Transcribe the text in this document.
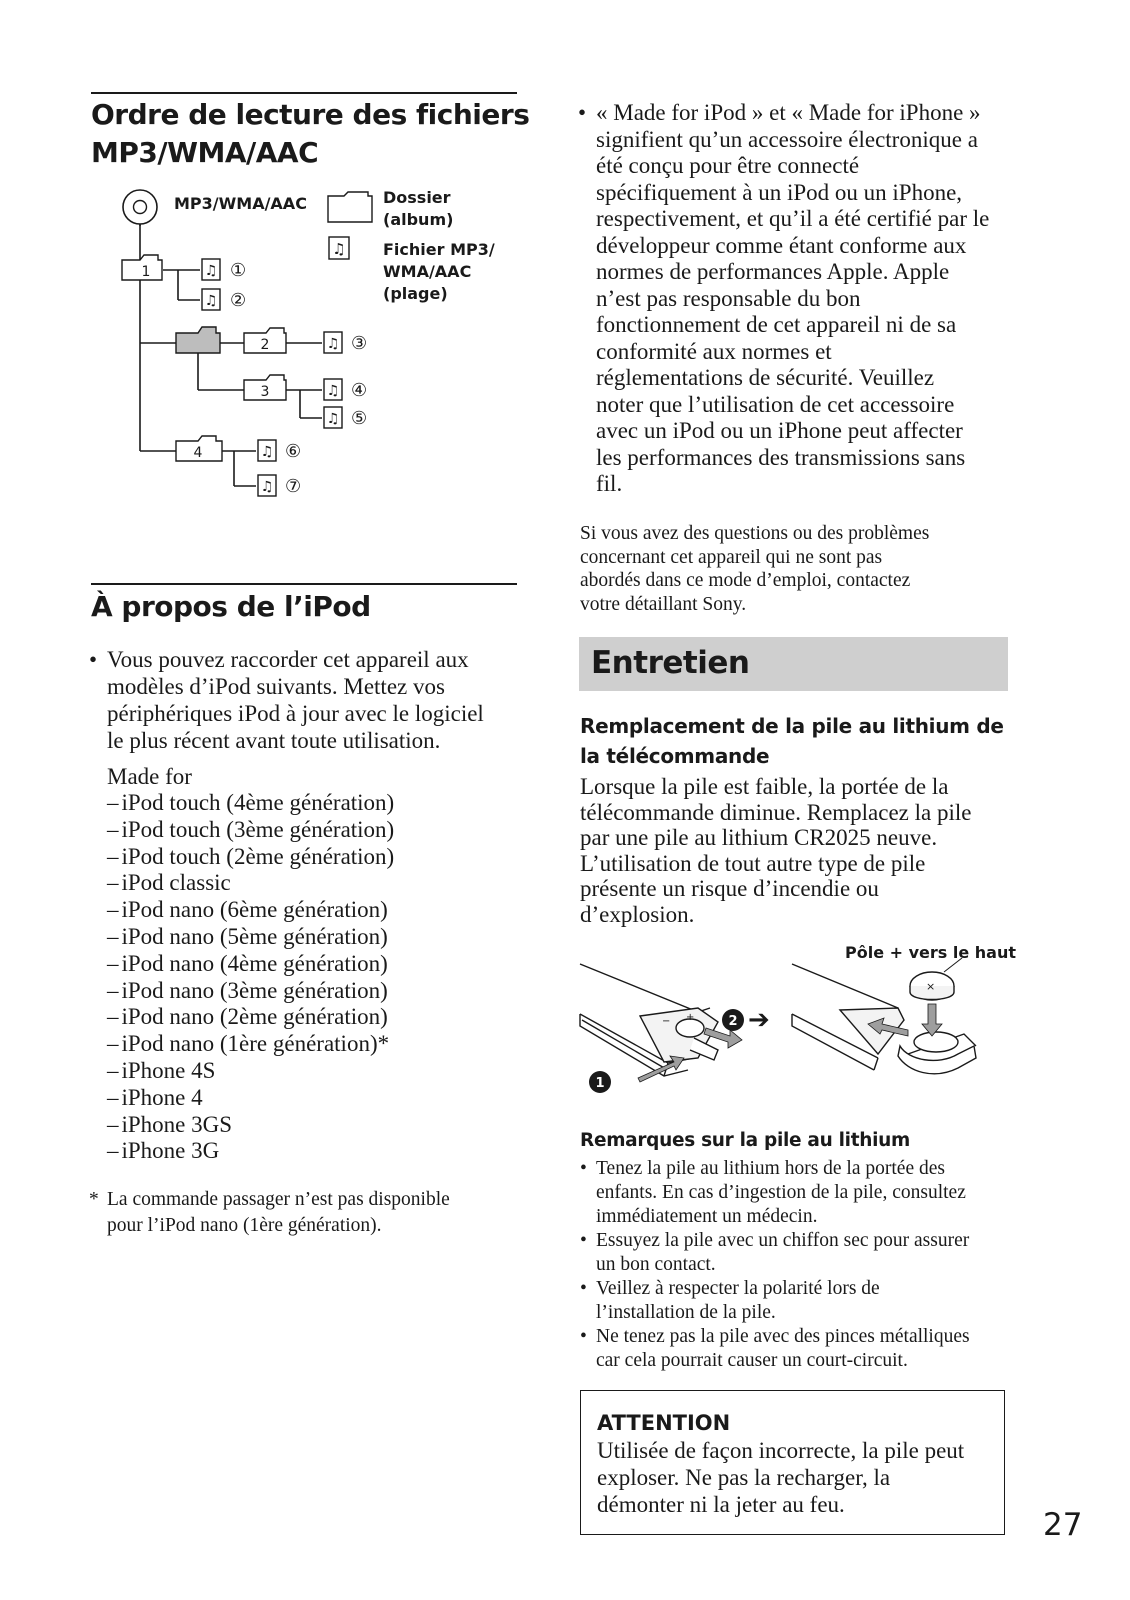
Ordre de lecture des fichiers
MP3/WMA/AAC
1
2
3
4
♫
♫
♫
♫
♫
♫
♫
①
②
③
④
⑤
⑥
⑦
MP3/WMA/AAC
♫
Dossier
(album)
Fichier MP3/
WMA/AAC
(plage)
À propos de l’iPod
• Vous pouvez raccorder cet appareil aux
modèles d’iPod suivants. Mettez vos
périphériques iPod à jour avec le logiciel
le plus récent avant toute utilisation.
Made for
– iPod touch (4ème génération)
– iPod touch (3ème génération)
– iPod touch (2ème génération)
– iPod classic
– iPod nano (6ème génération)
– iPod nano (5ème génération)
– iPod nano (4ème génération)
– iPod nano (3ème génération)
– iPod nano (2ème génération)
– iPod nano (1ère génération)*
– iPhone 4S
– iPhone 4
– iPhone 3GS
– iPhone 3G
* La commande passager n’est pas disponible
pour l’iPod nano (1ère génération).
• « Made for iPod » et « Made for iPhone »
signifient qu’un accessoire électronique a
été conçu pour être connecté
spécifiquement à un iPod ou un iPhone,
respectivement, et qu’il a été certifié par le
développeur comme étant conforme aux
normes de performances Apple. Apple
n’est pas responsable du bon
fonctionnement de cet appareil ni de sa
conformité aux normes et
réglementations de sécurité. Veuillez
noter que l’utilisation de cet accessoire
avec un iPod ou un iPhone peut affecter
les performances des transmissions sans
fil.
Si vous avez des questions ou des problèmes
concernant cet appareil qui ne sont pas
abordés dans ce mode d’emploi, contactez
votre détaillant Sony.
Entretien
Remplacement de la pile au lithium de
la télécommande
Lorsque la pile est faible, la portée de la
télécommande diminue. Remplacez la pile
par une pile au lithium CR2025 neuve.
L’utilisation de tout autre type de pile
présente un risque d’incendie ou
d’explosion.
Pôle + vers le haut
− +
1
2 ➔
×
Remarques sur la pile au lithium
• Tenez la pile au lithium hors de la portée des
enfants. En cas d’ingestion de la pile, consultez
immédiatement un médecin.
• Essuyez la pile avec un chiffon sec pour assurer
un bon contact.
• Veillez à respecter la polarité lors de
l’installation de la pile.
• Ne tenez pas la pile avec des pinces métalliques
car cela pourrait causer un court-circuit.
ATTENTION
Utilisée de façon incorrecte, la pile peut
exploser. Ne pas la recharger, la
démonter ni la jeter au feu.
27
